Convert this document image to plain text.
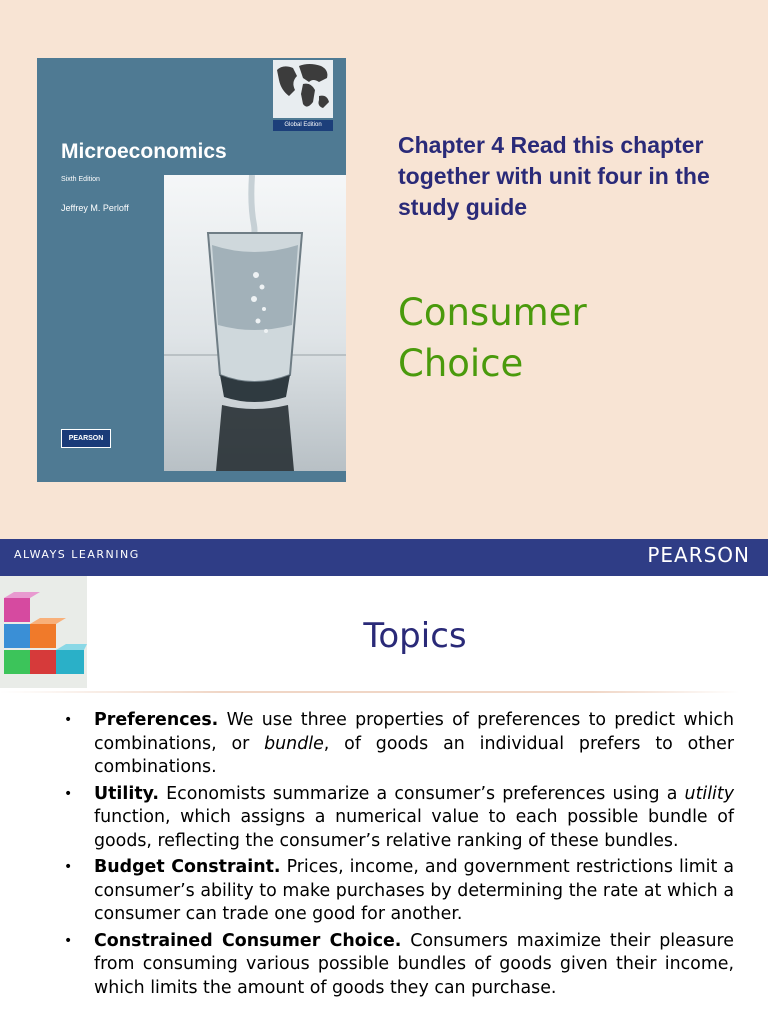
Global Edition
Microeconomics
Sixth Edition
Jeffrey M. Perloff
PEARSON
Chapter 4 Read this chapter together with unit four in the study guide
Consumer Choice
ALWAYS LEARNING	PEARSON
Topics
• Preferences. We use three properties of preferences to predict which combinations, or bundle, of goods an individual prefers to other combinations.
• Utility. Economists summarize a consumer’s preferences using a utility function, which assigns a numerical value to each possible bundle of goods, reflecting the consumer’s relative ranking of these bundles.
• Budget Constraint. Prices, income, and government restrictions limit a consumer’s ability to make purchases by determining the rate at which a consumer can trade one good for another.
• Constrained Consumer Choice. Consumers maximize their pleasure from consuming various possible bundles of goods given their income, which limits the amount of goods they can purchase.
